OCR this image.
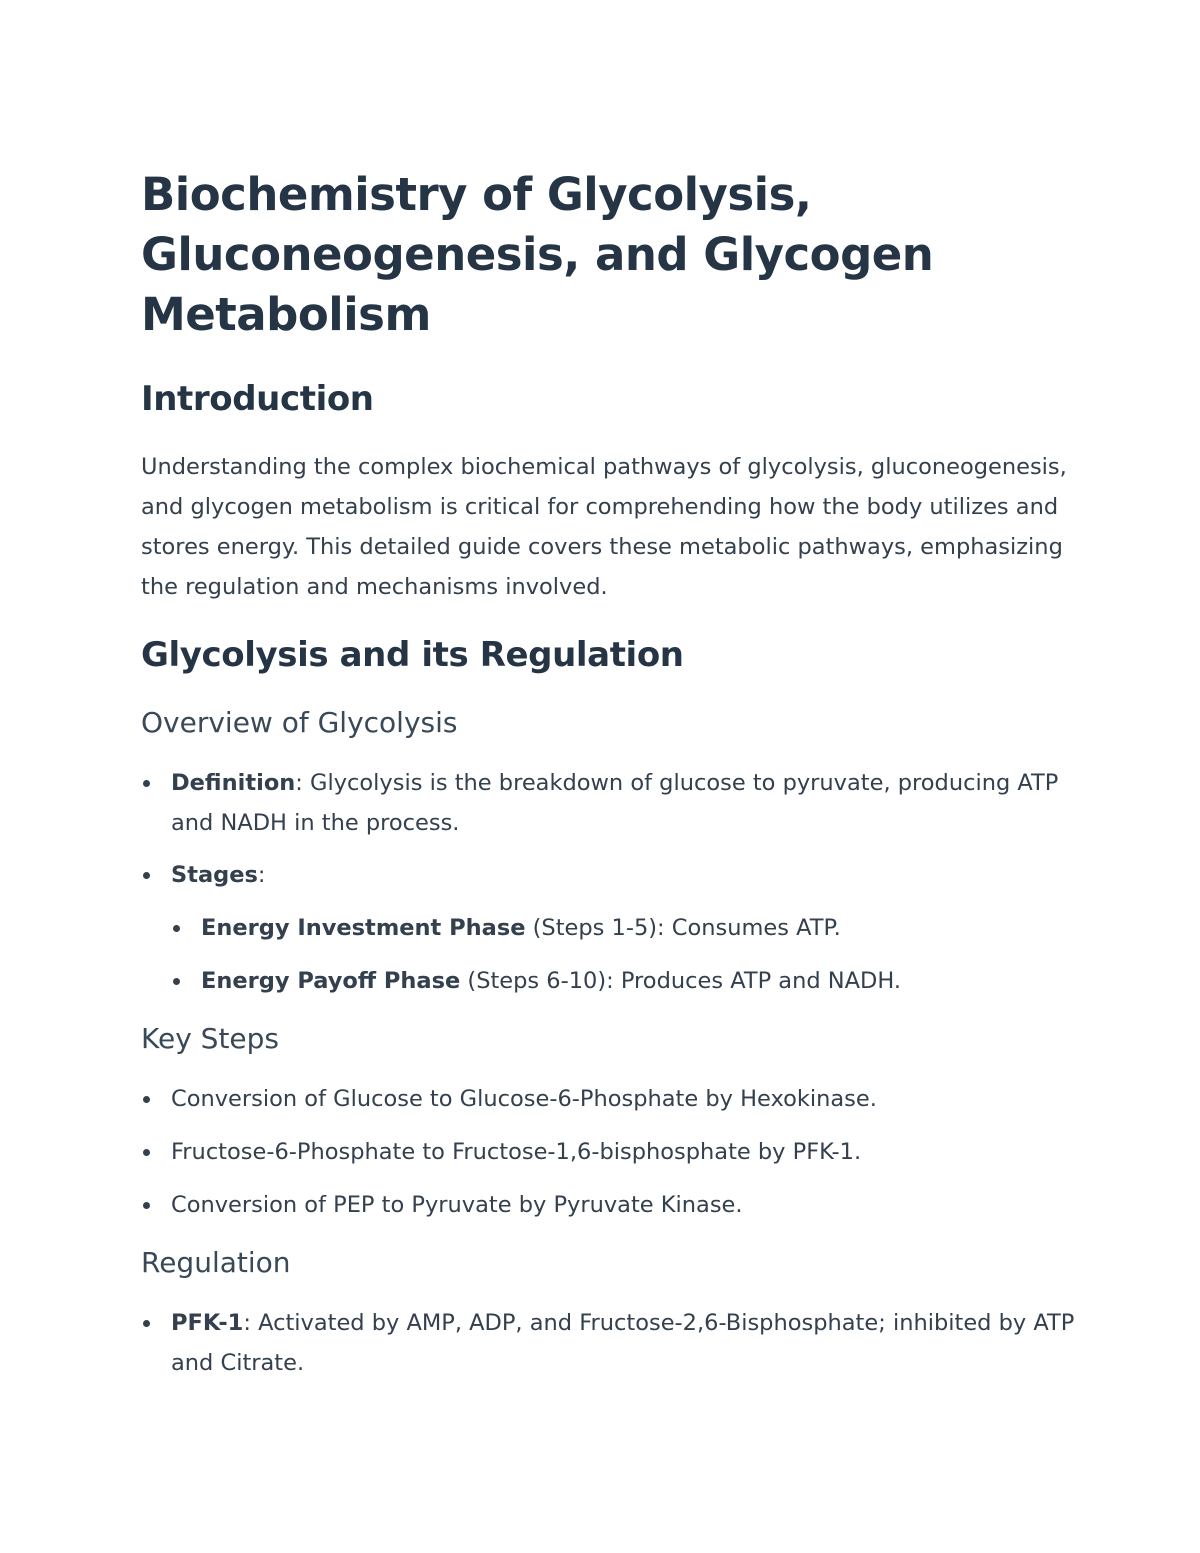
Biochemistry of Glycolysis, Gluconeogenesis, and Glycogen Metabolism
Introduction

Understanding the complex biochemical pathways of glycolysis, gluconeogenesis, and glycogen metabolism is critical for comprehending how the body utilizes and stores energy. This detailed guide covers these metabolic pathways, emphasizing the regulation and mechanisms involved.

Glycolysis and its Regulation
Overview of Glycolysis
Definition: Glycolysis is the breakdown of glucose to pyruvate, producing ATP and NADH in the process.
Stages:
Energy Investment Phase (Steps 1-5): Consumes ATP.
Energy Payoff Phase (Steps 6-10): Produces ATP and NADH.
Key Steps
Conversion of Glucose to Glucose-6-Phosphate by Hexokinase.
Fructose-6-Phosphate to Fructose-1,6-bisphosphate by PFK-1.
Conversion of PEP to Pyruvate by Pyruvate Kinase.
Regulation
PFK-1: Activated by AMP, ADP, and Fructose-2,6-Bisphosphate; inhibited by ATP and Citrate.
